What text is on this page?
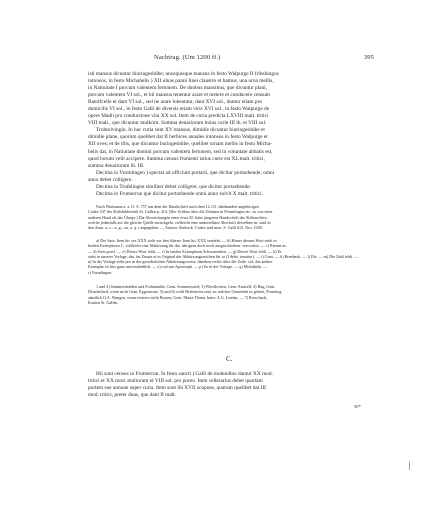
Nachtrag. (Um 1200 ff.)	395
isti mansus dicuntur biuringeshůbe; unusquisque mansus in festo Walpurge II frihshingos
intonsos, in festo Michahelis ) XII ulnas panni linei claustro et hamus, una urna mellis,
in Natiuitate I porcum valentem fertonem. De duobus mansibus, que dicuntur plani,
porcum valentem VI sol., et hii mansus tenentur arare et metere et conducere censum
Ratolfcelle et dant VI sol., sed ne arare lobeantur, dant XVI sol., dantur etiam pro
domicilis VI sol., in festo Galli de diversis etiam viris XVI sol., in festo Walpurge de
opere Madii pro conductione vini XX sol. Item de curia predicta LXVIII malt. tritici
VIII malt., que dicuntur mulkorn. Summa denariorum huius curie III lb. et VIII sol.
Truhtolvingin. In hac curia sunt XV mansus, dimidie dicuntur biuringeshůbe et
dimidie plane, quorum quelibet dat II berbices annales intonsos in festo Walpurge et
XII oves; et de illis, que dicuntur buringeshůbe, quelibet urnam mellis in festo Micha-
helis dat, in Natiuitate domini porcum valentem fertonem, sed in voluntate abbatis est,
quod horum velit accipere. Summa census frumenti istius curie est XL malt. tritici,
summa denariorum lb. III.
Decima in Vurmlingen ) spectat ad officium portarii, que dicitur portzehende; omni
anno debet colligere.
Decima in Truthlingen similiter debet colligere, que dicitur portzehende.
Decima in Frumerrun que dicitur portzehende omni anno solvit X malt. tritici.
Nach Wartmann a. a. O. S. 757 aus dem der Handschrift nach dem 12./13. Jahrhundert angehörigen
Codex 547 der Stiftsbibliothek St. Gallen p. 414. (Der Schluss über die Zehnten in Wurmlingen etc. ist von einer
anderen Hand als das Übrige.) Die Abweichungen einer etwa 50 Jahre jüngeren Handschrift des Stiftsarchivs,
welche jedenfalls auf die gleiche Quelle zurückgeht, vielleicht eine unmittelbare Abschrift derselben ist, sind in
den Anm. a, c—e, g—m, o, q, r angegeben. — Autorer Abdruck: Codex trad mon. S. Galli 615, Nro. 1038.
a) Der Satz: Item hic sex XXX steht vor den Sätzen: Item hic XXX sentiebt. — b) Hinter diesem Wort steht in
beiden Exemplaren C. vielleicht eine Abkürzung für das. übrigens doch noch ausgeschrieben: servvolun. — c) Bienne ac.
— d) Stets porvi. — e) Dieses Wort fehlt. — f) In beiden Exemplaren Schwanenben. — g) Dieses Wort fehlt. — h) Es
steht in unserer Vorlage, das. im Zusatz ei in Original der Abkürzungszeichen für ur (I delet, tenuitur). — i) Cons. — k) Brenbach. — l) Ele. — m) Die Zahl fehlt. —
n) In der Vorlage steht pro in der gewöhnlichen Abkürzungsweise, daneben rechts über der Zeile: sol; das andere
Exemplar ist hier ganz unverständlich. — o) cod mit Apostroph. — p) So in der Vorlage. — q) Michaheln. —
r) Vurmlingen.
1 und 2) Sommershalden und Frohnmühle, Gem. Sommersried; 3) Wiesflecken, Gem. Amtzell; 4) Hag, Gem.
Deuchelried, wenn nicht Gem. Eggenreute; 5) und 6) wohl Bettenwies und, zu welcher Gemeinde es gehört, Praestieg,
sämtlich O.A. Wangen, wenn ersteres nicht Butzen, Gem. Maria-Thann, baier. A.G. Lindau. — 7) Rorschach,
Kanton St. Gallen.
C.
Hii sunt census in Frumerrun. In festo sancti ) Galli de molendino dantur XX mod.
tritici et XX mod. muliorum et VIII sol. pro poreo. Item cellerarius debet quartam
portem sue annone super curia. Item sunt ibi XVII scopose, quarum quelibet dat III
mod. tritici, preter duas, que dant II malt.
50*
│
